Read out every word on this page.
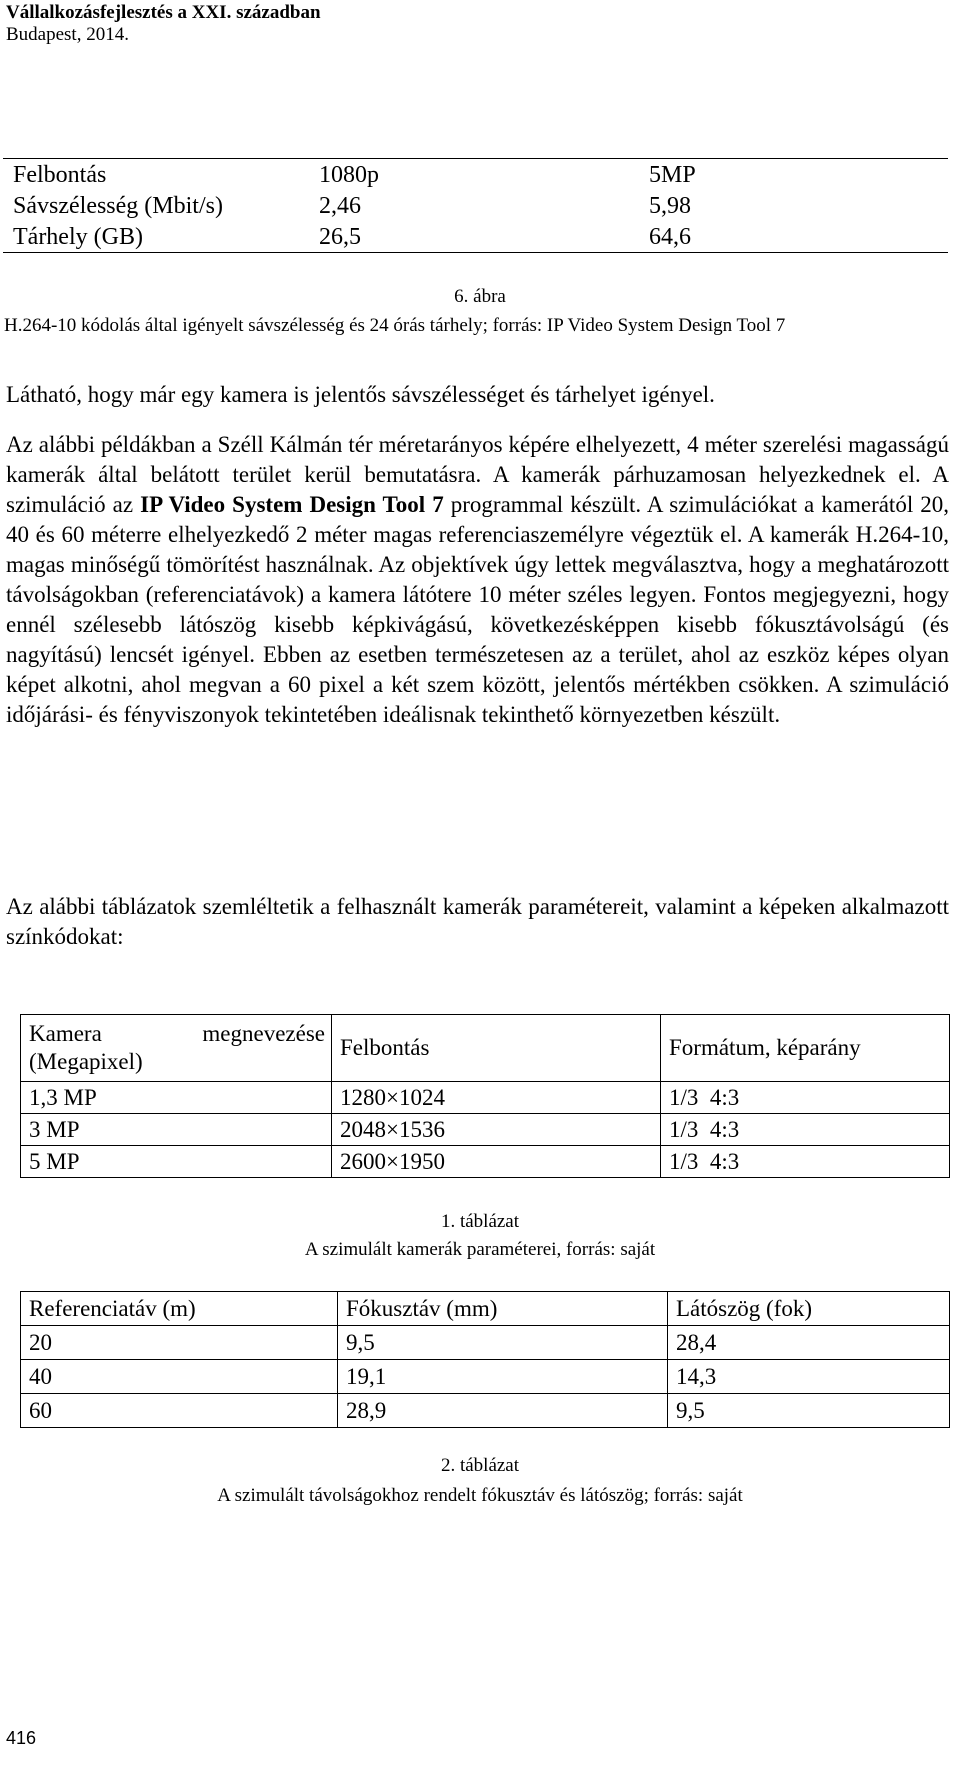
Vállalkozásfejlesztés a XXI. században
Budapest, 2014.
Felbontás	1080p	5MP
Sávszélesség (Mbit/s)	2,46	5,98
Tárhely (GB)	26,5	64,6
6. ábra
H.264-10 kódolás által igényelt sávszélesség és 24 órás tárhely; forrás: IP Video System Design Tool 7

Látható, hogy már egy kamera is jelentős sávszélességet és tárhelyet igényel.

Az alábbi példákban a Széll Kálmán tér méretarányos képére elhelyezett, 4 méter szerelési magasságú kamerák által belátott terület kerül bemutatásra. A kamerák párhuzamosan helyezkednek el. A szimuláció az IP Video System Design Tool 7 programmal készült. A szimulációkat a kamerától 20, 40 és 60 méterre elhelyezkedő 2 méter magas referenciaszemélyre végeztük el. A kamerák H.264-10, magas minőségű tömörítést használnak. Az objektívek úgy lettek megválasztva, hogy a meghatározott távolságokban (referenciatávok) a kamera látótere 10 méter széles legyen. Fontos megjegyezni, hogy ennél szélesebb látószög kisebb képkivágású, következésképpen kisebb fókusztávolságú (és nagyítású) lencsét igényel. Ebben az esetben természetesen az a terület, ahol az eszköz képes olyan képet alkotni, ahol megvan a 60 pixel a két szem között, jelentős mértékben csökken. A szimuláció időjárási- és fényviszonyok tekintetében ideálisnak tekinthető környezetben készült.

Az alábbi táblázatok szemléltetik a felhasznált kamerák paramétereit, valamint a képeken alkalmazott színkódokat:

Kamera megnevezése
(Megapixel)	Felbontás	Formátum, képarány
1,3 MP	1280×1024	1/3  4:3
3 MP	2048×1536	1/3  4:3
5 MP	2600×1950	1/3  4:3
1. táblázat
A szimulált kamerák paraméterei, forrás: saját
Referenciatáv (m)	Fókusztáv (mm)	Látószög (fok)
20	9,5	28,4
40	19,1	14,3
60	28,9	9,5
2. táblázat
A szimulált távolságokhoz rendelt fókusztáv és látószög; forrás: saját
416
